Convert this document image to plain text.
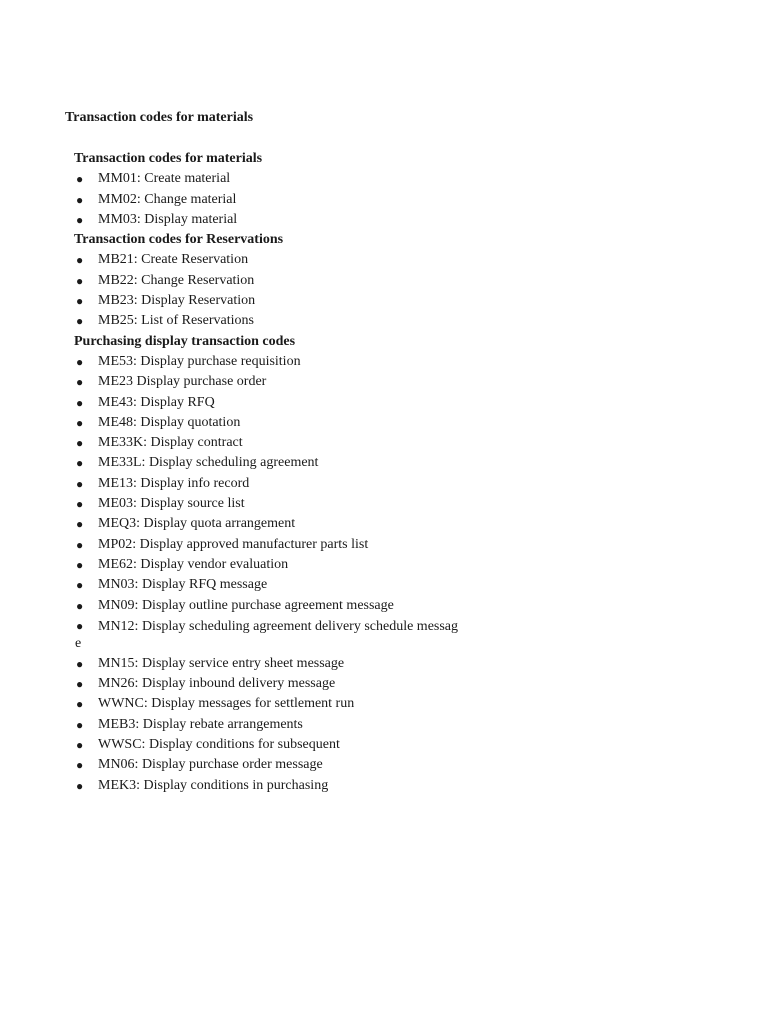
Transaction codes for materials
Transaction codes for materials
● MM01: Create material
● MM02: Change material
● MM03: Display material
Transaction codes for Reservations
● MB21: Create Reservation
● MB22: Change Reservation
● MB23: Display Reservation
● MB25: List of Reservations
Purchasing display transaction codes
● ME53: Display purchase requisition
● ME23 Display purchase order
● ME43: Display RFQ
● ME48: Display quotation
● ME33K: Display contract
● ME33L: Display scheduling agreement
● ME13: Display info record
● ME03: Display source list
● MEQ3: Display quota arrangement
● MP02: Display approved manufacturer parts list
● ME62: Display vendor evaluation
● MN03: Display RFQ message
● MN09: Display outline purchase agreement message
● MN12: Display scheduling agreement delivery schedule messag
e
● MN15: Display service entry sheet message
● MN26: Display inbound delivery message
● WWNC: Display messages for settlement run
● MEB3: Display rebate arrangements
● WWSC: Display conditions for subsequent
● MN06: Display purchase order message
● MEK3: Display conditions in purchasing
